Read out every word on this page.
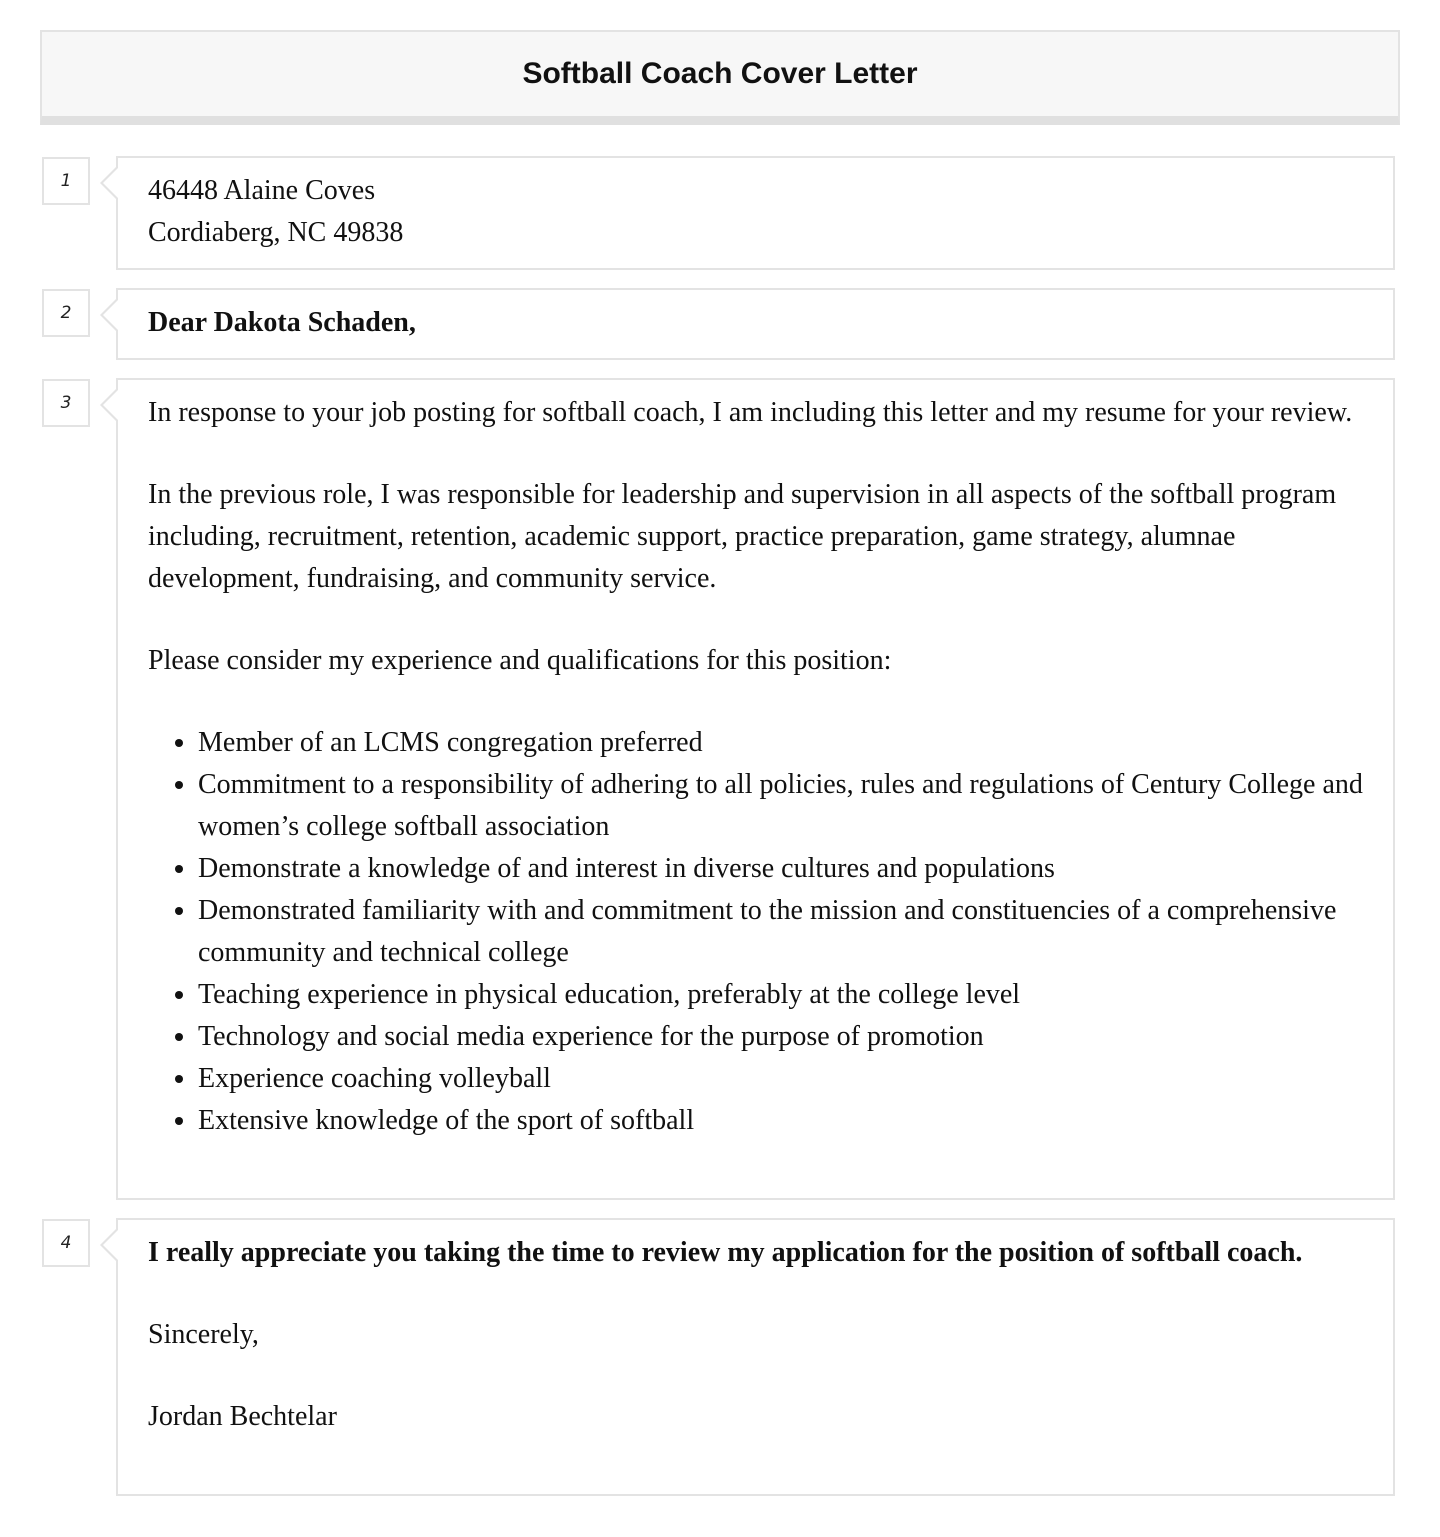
Softball Coach Cover Letter
1	46448 Alaine Coves
Cordiaberg, NC 49838
2	Dear Dakota Schaden,
3	In response to your job posting for softball coach, I am including this letter and my resume for your review.

In the previous role, I was responsible for leadership and supervision in all aspects of the softball program including, recruitment, retention, academic support, practice preparation, game strategy, alumnae development, fundraising, and community service.

Please consider my experience and qualifications for this position:

• Member of an LCMS congregation preferred
• Commitment to a responsibility of adhering to all policies, rules and regulations of Century College and women’s college softball association
• Demonstrate a knowledge of and interest in diverse cultures and populations
• Demonstrated familiarity with and commitment to the mission and constituencies of a comprehensive community and technical college
• Teaching experience in physical education, preferably at the college level
• Technology and social media experience for the purpose of promotion
• Experience coaching volleyball
• Extensive knowledge of the sport of softball
4	I really appreciate you taking the time to review my application for the position of softball coach.

Sincerely,

Jordan Bechtelar
